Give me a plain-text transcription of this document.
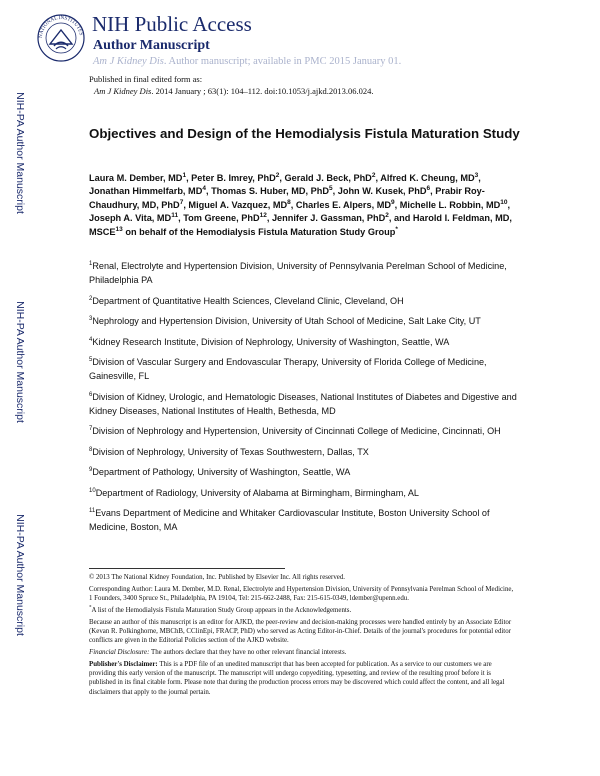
NIH-PA Author Manuscript
NIH-PA Author Manuscript
NIH-PA Author Manuscript
NATIONAL INSTITUTES NIH Public Access
Author Manuscript
Am J Kidney Dis. Author manuscript; available in PMC 2015 January 01.
Published in final edited form as:
Am J Kidney Dis. 2014 January ; 63(1): 104–112. doi:10.1053/j.ajkd.2013.06.024.
Objectives and Design of the Hemodialysis Fistula Maturation Study
Laura M. Dember, $MD^1$, Peter B. Imrey, PhD$^2$, Gerald J. Beck, PhD$^2$, Alfred K. Cheung, $MD^3$, Jonathan Himmelfarb, $MD^4$, Thomas S. Huber, MD, PhD$^5$, John W. Kusek, PhD$^6$, Prabir Roy-Chaudhury, MD, PhD$^7$, Miguel A. Vazquez, $MD^8$, Charles E. Alpers, $MD^9$, Michelle L. Robbin, MD$^{10}$, Joseph A. Vita, MD$^{11}$, Tom Greene, PhD$^{12}$, Jennifer J. Gassman, PhD$^2$, and Harold I. Feldman, MD, MSCE$^{13}$ on behalf of the Hemodialysis Fistula Maturation Study Group*
$^1$Renal, Electrolyte and Hypertension Division, University of Pennsylvania Perelman School of Medicine, Philadelphia PA
$^2$Department of Quantitative Health Sciences, Cleveland Clinic, Cleveland, OH
$^3$Nephrology and Hypertension Division, University of Utah School of Medicine, Salt Lake City, UT
$^4$Kidney Research Institute, Division of Nephrology, University of Washington, Seattle, WA
$^5$Division of Vascular Surgery and Endovascular Therapy, University of Florida College of Medicine, Gainesville, FL
$^6$Division of Kidney, Urologic, and Hematologic Diseases, National Institutes of Diabetes and Digestive and Kidney Diseases, National Institutes of Health, Bethesda, MD
$^7$Division of Nephrology and Hypertension, University of Cincinnati College of Medicine, Cincinnati, OH
$^8$Division of Nephrology, University of Texas Southwestern, Dallas, TX
$^9$Department of Pathology, University of Washington, Seattle, WA
$^{10}$Department of Radiology, University of Alabama at Birmingham, Birmingham, AL
$^{11}$Evans Department of Medicine and Whitaker Cardiovascular Institute, Boston University School of Medicine, Boston, MA

© 2013 The National Kidney Foundation, Inc. Published by Elsevier Inc. All rights reserved.

Corresponding Author: Laura M. Dember, M.D. Renal, Electrolyte and Hypertension Division, University of Pennsylvania Perelman School of Medicine, 1 Founders, 3400 Spruce St., Philadelphia, PA 19104, Tel: 215-662-2488, Fax: 215-615-0349, ldember@upenn.edu.

*A list of the Hemodialysis Fistula Maturation Study Group appears in the Acknowledgements.

Because an author of this manuscript is an editor for AJKD, the peer-review and decision-making processes were handled entirely by an Associate Editor (Kevan R. Polkinghorne, MBChB, CClinEpi, FRACP, PhD) who served as Acting Editor-in-Chief. Details of the journal's procedures for potential editor conflicts are given in the Editorial Policies section of the AJKD website.

Financial Disclosure: The authors declare that they have no other relevant financial interests.

Publisher's Disclaimer: This is a PDF file of an unedited manuscript that has been accepted for publication. As a service to our customers we are providing this early version of the manuscript. The manuscript will undergo copyediting, typesetting, and review of the resulting proof before it is published in its final citable form. Please note that during the production process errors may be discovered which could affect the content, and all legal disclaimers that apply to the journal pertain.
